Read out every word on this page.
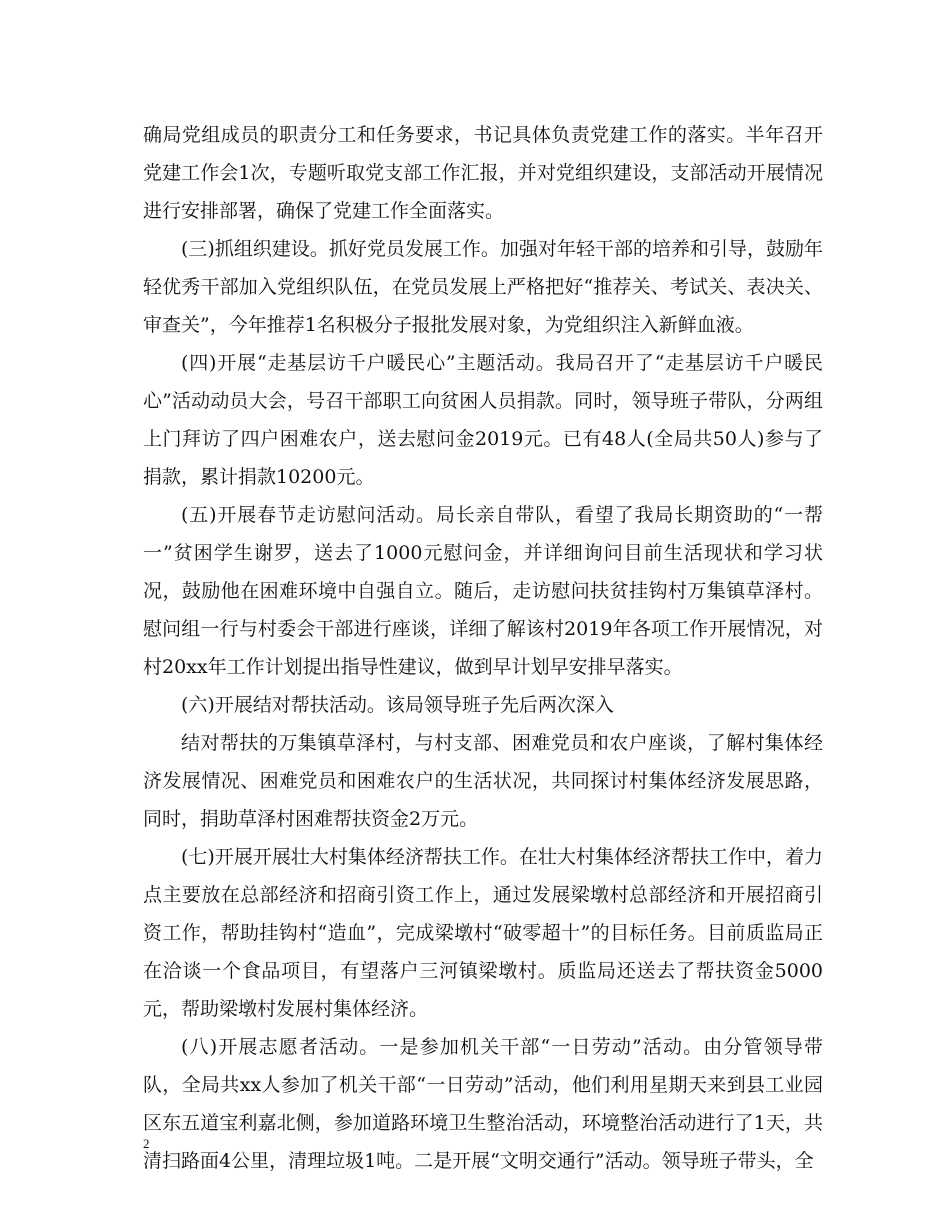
确局党组成员的职责分工和任务要求，书记具体负责党建工作的落实。半年召开党建工作会1次，专题听取党支部工作汇报，并对党组织建设，支部活动开展情况进行安排部署，确保了党建工作全面落实。

(三)抓组织建设。抓好党员发展工作。加强对年轻干部的培养和引导，鼓励年轻优秀干部加入党组织队伍，在党员发展上严格把好“推荐关、考试关、表决关、审查关”，今年推荐1名积极分子报批发展对象，为党组织注入新鲜血液。

(四)开展“走基层访千户暖民心”主题活动。我局召开了“走基层访千户暖民心”活动动员大会，号召干部职工向贫困人员捐款。同时，领导班子带队，分两组上门拜访了四户困难农户，送去慰问金2019元。已有48人(全局共50人)参与了捐款，累计捐款10200元。

(五)开展春节走访慰问活动。局长亲自带队，看望了我局长期资助的“一帮一”贫困学生谢罗，送去了1000元慰问金，并详细询问目前生活现状和学习状况，鼓励他在困难环境中自强自立。随后，走访慰问扶贫挂钩村万集镇草泽村。慰问组一行与村委会干部进行座谈，详细了解该村2019年各项工作开展情况，对村20xx年工作计划提出指导性建议，做到早计划早安排早落实。

(六)开展结对帮扶活动。该局领导班子先后两次深入

结对帮扶的万集镇草泽村，与村支部、困难党员和农户座谈，了解村集体经济发展情况、困难党员和困难农户的生活状况，共同探讨村集体经济发展思路，同时，捐助草泽村困难帮扶资金2万元。

(七)开展开展壮大村集体经济帮扶工作。在壮大村集体经济帮扶工作中，着力点主要放在总部经济和招商引资工作上，通过发展梁墩村总部经济和开展招商引资工作，帮助挂钩村“造血”，完成梁墩村“破零超十”的目标任务。目前质监局正在洽谈一个食品项目，有望落户三河镇梁墩村。质监局还送去了帮扶资金5000元，帮助梁墩村发展村集体经济。

(八)开展志愿者活动。一是参加机关干部“一日劳动”活动。由分管领导带队，全局共xx人参加了机关干部“一日劳动”活动，他们利用星期天来到县工业园区东五道宝利嘉北侧，参加道路环境卫生整治活动，环境整治活动进行了1天，共清扫路面4公里，清理垃圾1吨。二是开展“文明交通行”活动。领导班子带头，全

2
